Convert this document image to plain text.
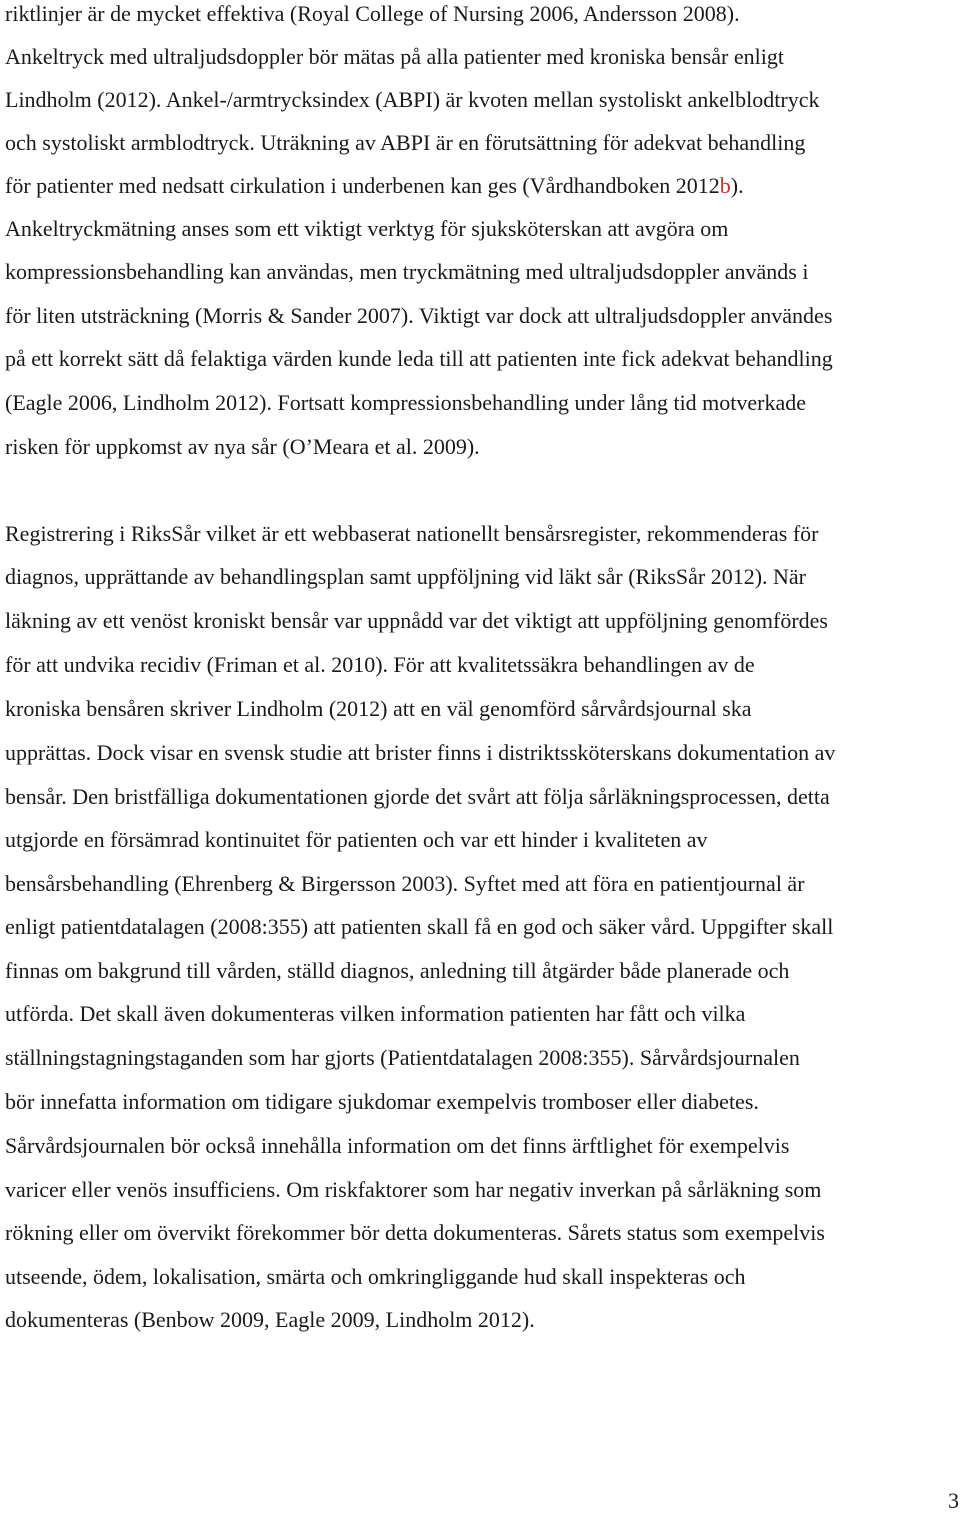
riktlinjer är de mycket effektiva (Royal College of Nursing 2006, Andersson 2008).

Ankeltryck med ultraljudsdoppler bör mätas på alla patienter med kroniska bensår enligt

Lindholm (2012). Ankel-/armtrycksindex (ABPI) är kvoten mellan systoliskt ankelblodtryck

och systoliskt armblodtryck. Uträkning av ABPI är en förutsättning för adekvat behandling

för patienter med nedsatt cirkulation i underbenen kan ges (Vårdhandboken 2012b).

Ankeltryckmätning anses som ett viktigt verktyg för sjuksköterskan att avgöra om

kompressionsbehandling kan användas, men tryckmätning med ultraljudsdoppler används i

för liten utsträckning (Morris & Sander 2007). Viktigt var dock att ultraljudsdoppler användes

på ett korrekt sätt då felaktiga värden kunde leda till att patienten inte fick adekvat behandling

(Eagle 2006, Lindholm 2012). Fortsatt kompressionsbehandling under lång tid motverkade

risken för uppkomst av nya sår (O’Meara et al. 2009).

Registrering i RiksSår vilket är ett webbaserat nationellt bensårsregister, rekommenderas för

diagnos, upprättande av behandlingsplan samt uppföljning vid läkt sår (RiksSår 2012). När

läkning av ett venöst kroniskt bensår var uppnådd var det viktigt att uppföljning genomfördes

för att undvika recidiv (Friman et al. 2010). För att kvalitetssäkra behandlingen av de

kroniska bensåren skriver Lindholm (2012) att en väl genomförd sårvårdsjournal ska

upprättas. Dock visar en svensk studie att brister finns i distriktssköterskans dokumentation av

bensår. Den bristfälliga dokumentationen gjorde det svårt att följa sårläkningsprocessen, detta

utgjorde en försämrad kontinuitet för patienten och var ett hinder i kvaliteten av

bensårsbehandling (Ehrenberg & Birgersson 2003). Syftet med att föra en patientjournal är

enligt patientdatalagen (2008:355) att patienten skall få en god och säker vård. Uppgifter skall

finnas om bakgrund till vården, ställd diagnos, anledning till åtgärder både planerade och

utförda. Det skall även dokumenteras vilken information patienten har fått och vilka

ställningstagningstaganden som har gjorts (Patientdatalagen 2008:355). Sårvårdsjournalen

bör innefatta information om tidigare sjukdomar exempelvis tromboser eller diabetes.

Sårvårdsjournalen bör också innehålla information om det finns ärftlighet för exempelvis

varicer eller venös insufficiens. Om riskfaktorer som har negativ inverkan på sårläkning som

rökning eller om övervikt förekommer bör detta dokumenteras. Sårets status som exempelvis

utseende, ödem, lokalisation, smärta och omkringliggande hud skall inspekteras och

dokumenteras (Benbow 2009, Eagle 2009, Lindholm 2012).

3
